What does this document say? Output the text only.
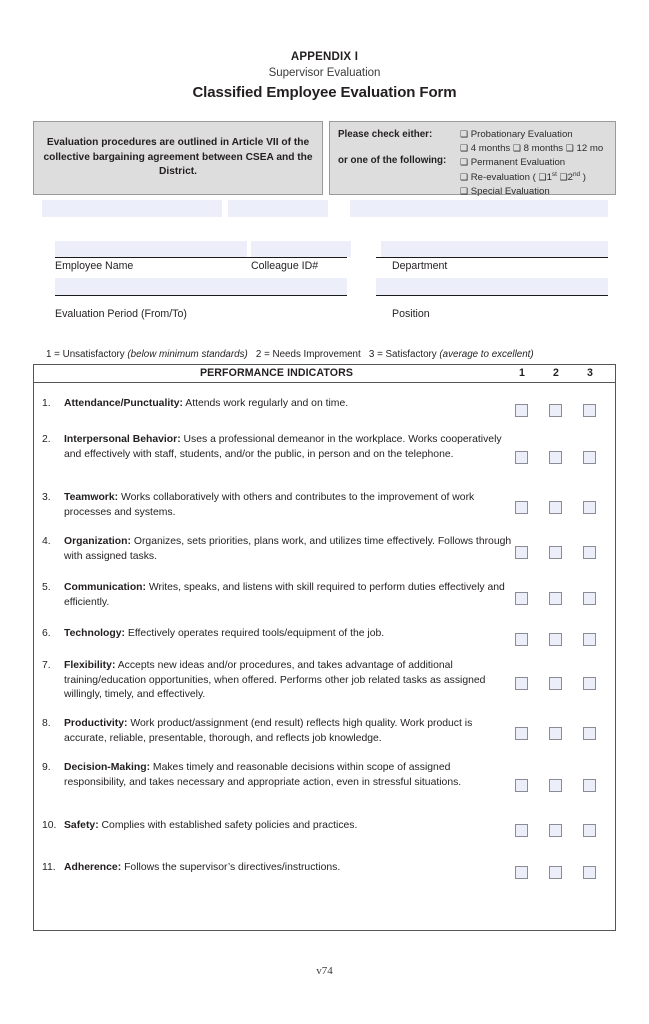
APPENDIX I
Supervisor Evaluation
Classified Employee Evaluation Form

Evaluation procedures are outlined in Article VII of the collective bargaining agreement between CSEA and the District.

Please check either:
or one of the following:
❑ Probationary Evaluation
❑ 4 months ❑ 8 months ❑ 12 mo
❑ Permanent Evaluation
❑ Re-evaluation ( ❑1st ❑2nd )
❑ Special Evaluation
Employee Name	Colleague ID#	Department
Evaluation Period (From/To)	Position
1 = Unsatisfactory (below minimum standards) 2 = Needs Improvement 3 = Satisfactory (average to excellent)
PERFORMANCE INDICATORS	1	2	3
1.	Attendance/Punctuality: Attends work regularly and on time.
2.	Interpersonal Behavior: Uses a professional demeanor in the workplace. Works cooperatively and effectively with staff, students, and/or the public, in person and on the telephone.
3.	Teamwork: Works collaboratively with others and contributes to the improvement of work processes and systems.
4.	Organization: Organizes, sets priorities, plans work, and utilizes time effectively. Follows through with assigned tasks.
5.	Communication: Writes, speaks, and listens with skill required to perform duties effectively and efficiently.
6.	Technology: Effectively operates required tools/equipment of the job.
7.	Flexibility: Accepts new ideas and/or procedures, and takes advantage of additional training/education opportunities, when offered. Performs other job related tasks as assigned willingly, timely, and effectively.
8.	Productivity: Work product/assignment (end result) reflects high quality. Work product is accurate, reliable, presentable, thorough, and reflects job knowledge.
9.	Decision-Making: Makes timely and reasonable decisions within scope of assigned responsibility, and takes necessary and appropriate action, even in stressful situations.
10. Safety: Complies with established safety policies and practices.
11. Adherence: Follows the supervisor’s directives/instructions.
v74
